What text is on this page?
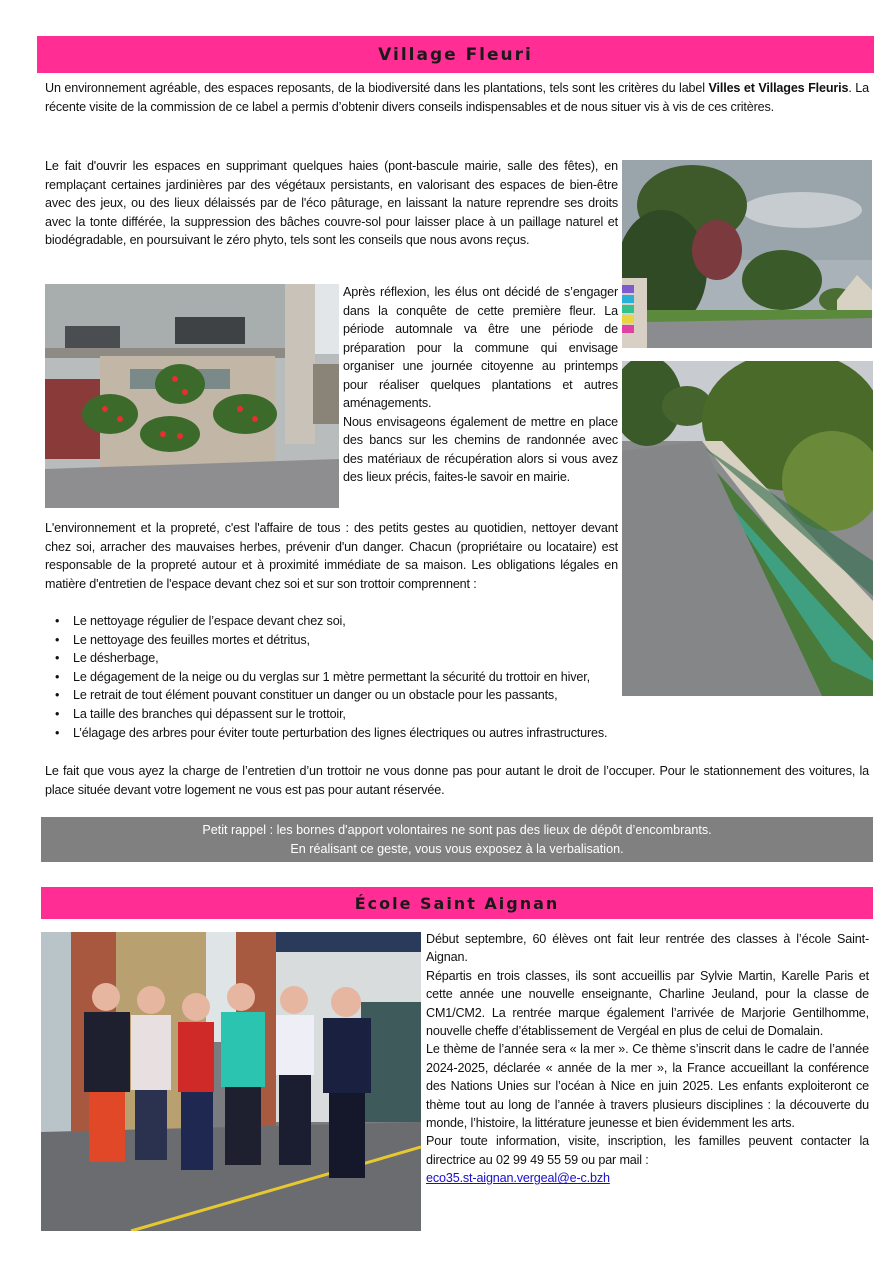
Village Fleuri

Un environnement agréable, des espaces reposants, de la biodiversité dans les plantations, tels sont les critères du label Villes et Villages Fleuris. La récente visite de la commission de ce label a permis d’obtenir divers conseils indispensables et de nous situer vis à vis de ces critères.

Le fait d'ouvrir les espaces en supprimant quelques haies (pont-bascule mairie, salle des fêtes), en remplaçant certaines jardinières par des végétaux persistants, en valorisant des espaces de bien-être avec des jeux, ou des lieux délaissés par de l'éco pâturage, en laissant la nature reprendre ses droits avec la tonte différée, la suppression des bâches couvre-sol pour laisser place à un paillage naturel et biodégradable, en poursuivant le zéro phyto, tels sont les conseils que nous avons reçus.

Après réflexion, les élus ont décidé de s’engager dans la conquête de cette première fleur. La période automnale va être une période de préparation pour la commune qui envisage organiser une journée citoyenne au printemps pour réaliser quelques plantations et autres aménagements.

Nous envisageons également de mettre en place des bancs sur les chemins de randonnée avec des matériaux de récupération alors si vous avez des lieux précis, faites-le savoir en mairie.

L'environnement et la propreté, c'est l'affaire de tous : des petits gestes au quotidien, nettoyer devant chez soi, arracher des mauvaises herbes, prévenir d'un danger. Chacun (propriétaire ou locataire) est responsable de la propreté autour et à proximité immédiate de sa maison. Les obligations légales en matière d'entretien de l'espace devant chez soi et sur son trottoir comprennent :

• Le nettoyage régulier de l’espace devant chez soi,
• Le nettoyage des feuilles mortes et détritus,
• Le désherbage,
• Le dégagement de la neige ou du verglas sur 1 mètre permettant la sécurité du trottoir en hiver,
• Le retrait de tout élément pouvant constituer un danger ou un obstacle pour les passants,
• La taille des branches qui dépassent sur le trottoir,
• L’élagage des arbres pour éviter toute perturbation des lignes électriques ou autres infrastructures.

Le fait que vous ayez la charge de l’entretien d’un trottoir ne vous donne pas pour autant le droit de l’occuper. Pour le stationnement des voitures, la place située devant votre logement ne vous est pas pour autant réservée.

Petit rappel : les bornes d'apport volontaires ne sont pas des lieux de dépôt d’encombrants.
En réalisant ce geste, vous vous exposez à la verbalisation.
École Saint Aignan

Début septembre, 60 élèves ont fait leur rentrée des classes à l’école Saint-Aignan.

Répartis en trois classes, ils sont accueillis par Sylvie Martin, Karelle Paris et cette année une nouvelle enseignante, Charline Jeuland, pour la classe de CM1/CM2. La rentrée marque également l’arrivée de Marjorie Gentilhomme, nouvelle cheffe d’établissement de Vergéal en plus de celui de Domalain.

Le thème de l’année sera « la mer ». Ce thème s’inscrit dans le cadre de l’année 2024-2025, déclarée « année de la mer », la France accueillant la conférence des Nations Unies sur l’océan à Nice en juin 2025. Les enfants exploiteront ce thème tout au long de l’année à travers plusieurs disciplines : la découverte du monde, l’histoire, la littérature jeunesse et bien évidemment les arts.

Pour toute information, visite, inscription, les familles peuvent contacter la directrice au 02 99 49 55 59 ou par mail :

eco35.st-aignan.vergeal@e-c.bzh
